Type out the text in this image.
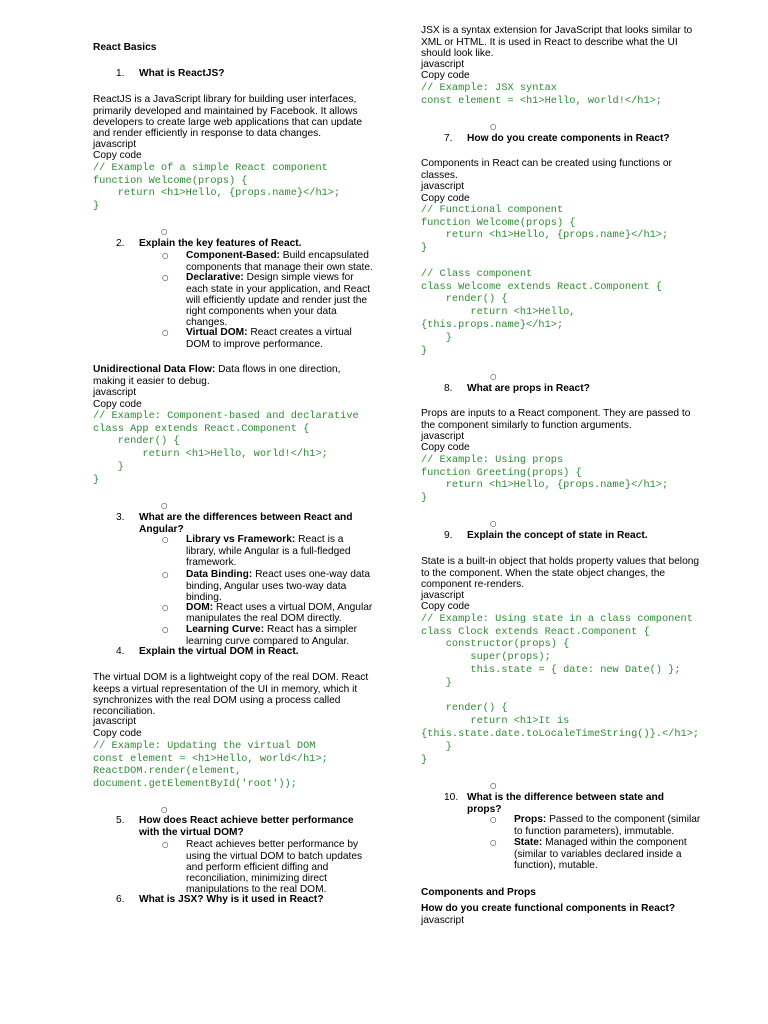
React Basics
1. What is ReactJS?
ReactJS is a JavaScript library for building user interfaces,
primarily developed and maintained by Facebook. It allows
developers to create large web applications that can update
and render efficiently in response to data changes.
javascript
Copy code
// Example of a simple React component
function Welcome(props) {
return <h1>Hello, {props.name}</h1>;
}
○
2. Explain the key features of React.
○ Component-Based: Build encapsulated
components that manage their own state.
○ Declarative: Design simple views for
each state in your application, and React
will efficiently update and render just the
right components when your data
changes.
○ Virtual DOM: React creates a virtual
DOM to improve performance.
Unidirectional Data Flow: Data flows in one direction,
making it easier to debug.
javascript
Copy code
// Example: Component-based and declarative
class App extends React.Component {
render() {
return <h1>Hello, world!</h1>;
}
}
○
3. What are the differences between React and
Angular?
○ Library vs Framework: React is a
library, while Angular is a full-fledged
framework.
○ Data Binding: React uses one-way data
binding, Angular uses two-way data
binding.
○ DOM: React uses a virtual DOM, Angular
manipulates the real DOM directly.
○ Learning Curve: React has a simpler
learning curve compared to Angular.
4. Explain the virtual DOM in React.
The virtual DOM is a lightweight copy of the real DOM. React
keeps a virtual representation of the UI in memory, which it
synchronizes with the real DOM using a process called
reconciliation.
javascript
Copy code
// Example: Updating the virtual DOM
const element = <h1>Hello, world</h1>;
ReactDOM.render(element,
document.getElementById('root'));
○
5. How does React achieve better performance
with the virtual DOM?
○ React achieves better performance by
using the virtual DOM to batch updates
and perform efficient diffing and
reconciliation, minimizing direct
manipulations to the real DOM.
6. What is JSX? Why is it used in React?
JSX is a syntax extension for JavaScript that looks similar to
XML or HTML. It is used in React to describe what the UI
should look like.
javascript
Copy code
// Example: JSX syntax
const element = <h1>Hello, world!</h1>;
○
7. How do you create components in React?
Components in React can be created using functions or
classes.
javascript
Copy code
// Functional component
function Welcome(props) {
return <h1>Hello, {props.name}</h1>;
}

// Class component
class Welcome extends React.Component {
render() {
return <h1>Hello,
{this.props.name}</h1>;
}
}
○
8. What are props in React?
Props are inputs to a React component. They are passed to
the component similarly to function arguments.
javascript
Copy code
// Example: Using props
function Greeting(props) {
return <h1>Hello, {props.name}</h1>;
}
○
9. Explain the concept of state in React.
State is a built-in object that holds property values that belong
to the component. When the state object changes, the
component re-renders.
javascript
Copy code
// Example: Using state in a class component
class Clock extends React.Component {
constructor(props) {
super(props);
this.state = { date: new Date() };
}

render() {
return <h1>It is
{this.state.date.toLocaleTimeString()}.</h1>;
}
}
○
10. What is the difference between state and
props?
○ Props: Passed to the component (similar
to function parameters), immutable.
○ State: Managed within the component
(similar to variables declared inside a
function), mutable.
Components and Props
How do you create functional components in React?
javascript
